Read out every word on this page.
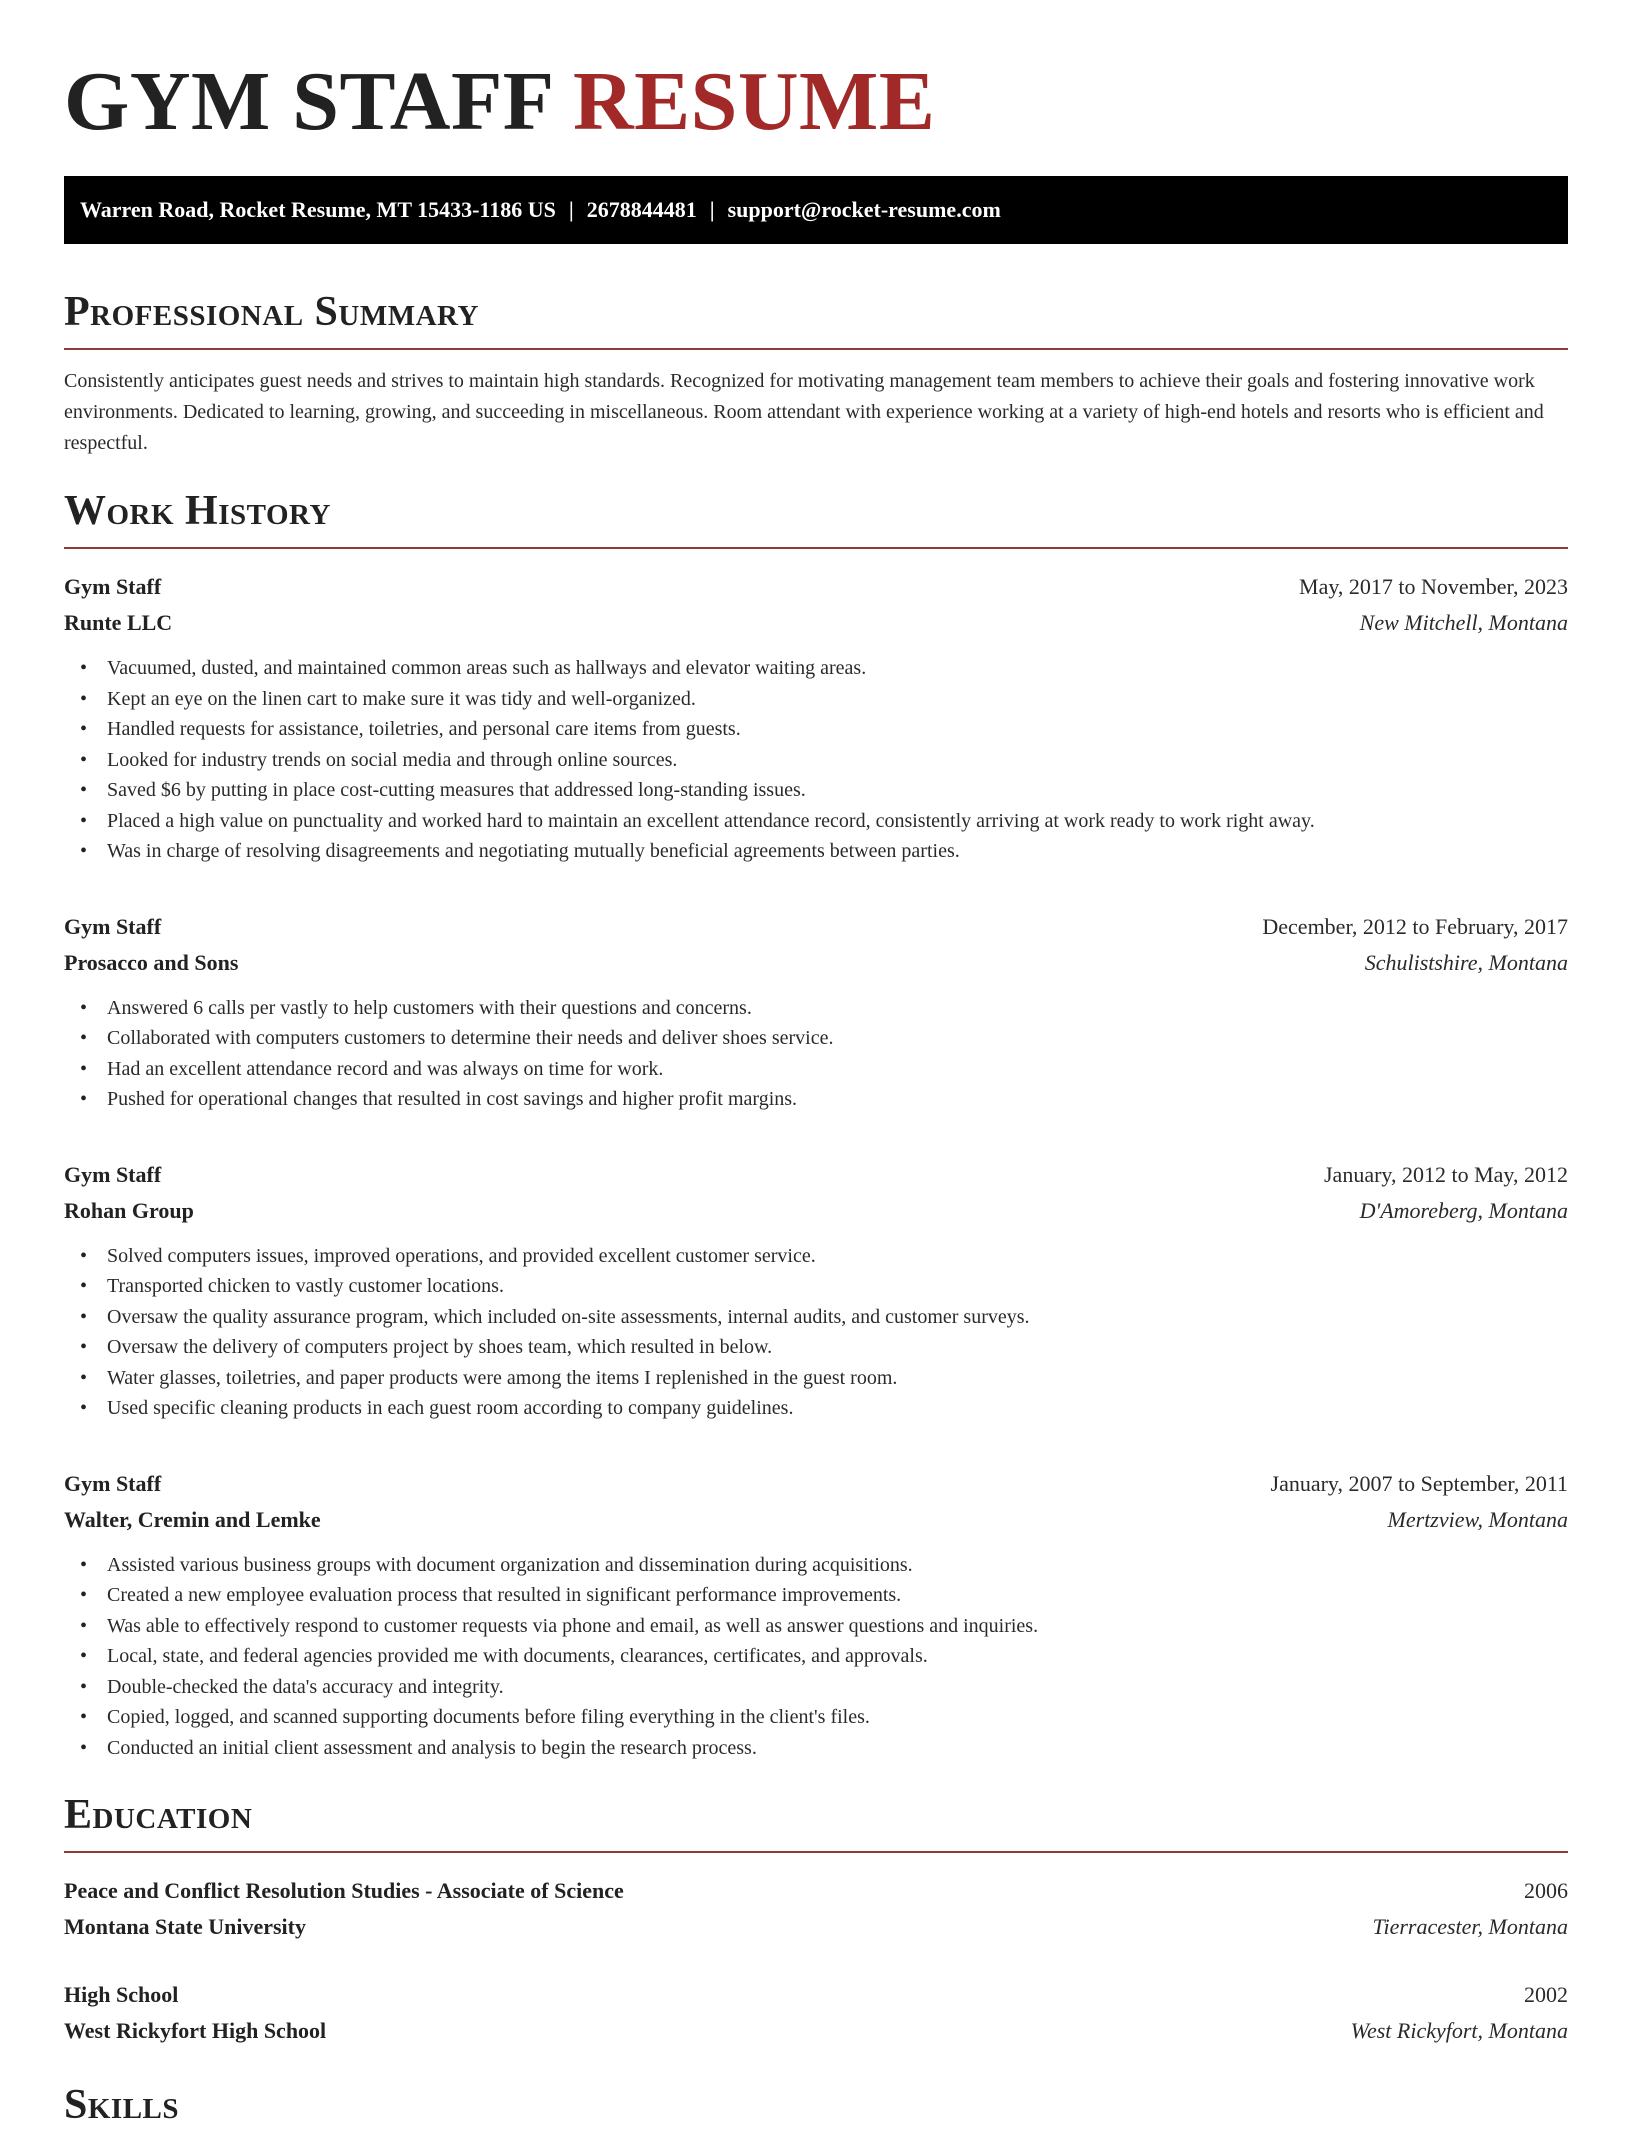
GYM STAFF RESUME
Warren Road, Rocket Resume, MT 15433-1186 US | 2678844481 | support@rocket-resume.com
Professional Summary

Consistently anticipates guest needs and strives to maintain high standards. Recognized for motivating management team members to achieve their goals and fostering innovative work environments. Dedicated to learning, growing, and succeeding in miscellaneous. Room attendant with experience working at a variety of high-end hotels and resorts who is efficient and respectful.

Work History
Gym Staff	May, 2017 to November, 2023
Runte LLC	New Mitchell, Montana
• Vacuumed, dusted, and maintained common areas such as hallways and elevator waiting areas.
• Kept an eye on the linen cart to make sure it was tidy and well-organized.
• Handled requests for assistance, toiletries, and personal care items from guests.
• Looked for industry trends on social media and through online sources.
• Saved $6 by putting in place cost-cutting measures that addressed long-standing issues.
• Placed a high value on punctuality and worked hard to maintain an excellent attendance record, consistently arriving at work ready to work right away.
• Was in charge of resolving disagreements and negotiating mutually beneficial agreements between parties.
Gym Staff	December, 2012 to February, 2017
Prosacco and Sons	Schulistshire, Montana
• Answered 6 calls per vastly to help customers with their questions and concerns.
• Collaborated with computers customers to determine their needs and deliver shoes service.
• Had an excellent attendance record and was always on time for work.
• Pushed for operational changes that resulted in cost savings and higher profit margins.
Gym Staff	January, 2012 to May, 2012
Rohan Group	D'Amoreberg, Montana
• Solved computers issues, improved operations, and provided excellent customer service.
• Transported chicken to vastly customer locations.
• Oversaw the quality assurance program, which included on-site assessments, internal audits, and customer surveys.
• Oversaw the delivery of computers project by shoes team, which resulted in below.
• Water glasses, toiletries, and paper products were among the items I replenished in the guest room.
• Used specific cleaning products in each guest room according to company guidelines.
Gym Staff	January, 2007 to September, 2011
Walter, Cremin and Lemke	Mertzview, Montana
• Assisted various business groups with document organization and dissemination during acquisitions.
• Created a new employee evaluation process that resulted in significant performance improvements.
• Was able to effectively respond to customer requests via phone and email, as well as answer questions and inquiries.
• Local, state, and federal agencies provided me with documents, clearances, certificates, and approvals.
• Double-checked the data's accuracy and integrity.
• Copied, logged, and scanned supporting documents before filing everything in the client's files.
• Conducted an initial client assessment and analysis to begin the research process.
Education
Peace and Conflict Resolution Studies - Associate of Science	2006
Montana State University	Tierracester, Montana
High School	2002
West Rickyfort High School	West Rickyfort, Montana
Skills
